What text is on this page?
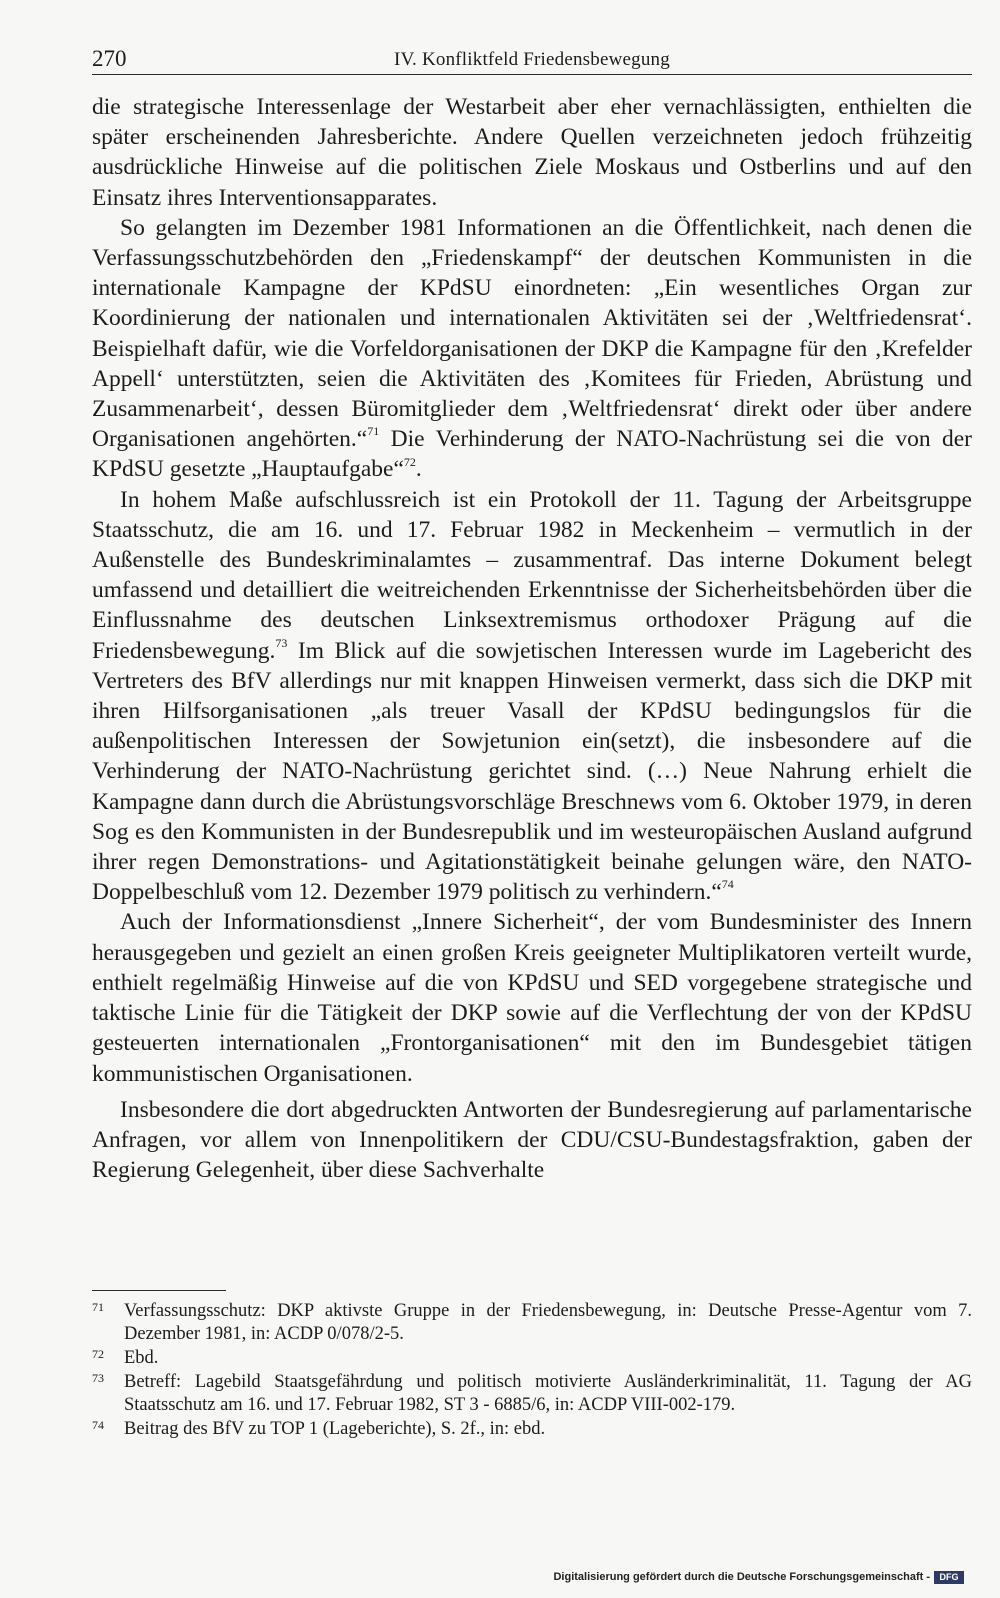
270	IV. Konfliktfeld Friedensbewegung

die strategische Interessenlage der Westarbeit aber eher vernachlässigten, enthielten die später erscheinenden Jahresberichte. Andere Quellen verzeichneten jedoch frühzeitig ausdrückliche Hinweise auf die politischen Ziele Moskaus und Ostberlins und auf den Einsatz ihres Interventionsapparates.

So gelangten im Dezember 1981 Informationen an die Öffentlichkeit, nach denen die Verfassungsschutzbehörden den „Friedenskampf“ der deutschen Kommunisten in die internationale Kampagne der KPdSU einordneten: „Ein wesentliches Organ zur Koordinierung der nationalen und internationalen Aktivitäten sei der ‚Weltfriedensrat‘. Beispielhaft dafür, wie die Vorfeldorganisationen der DKP die Kampagne für den ‚Krefelder Appell‘ unterstützten, seien die Aktivitäten des ‚Komitees für Frieden, Abrüstung und Zusammenarbeit‘, dessen Büromitglieder dem ‚Weltfriedensrat‘ direkt oder über andere Organisationen angehörten.“$^{71}$ Die Verhinderung der NATO-Nachrüstung sei die von der KPdSU gesetzte „Hauptaufgabe“$^{72}$.

In hohem Maße aufschlussreich ist ein Protokoll der 11. Tagung der Arbeitsgruppe Staatsschutz, die am 16. und 17. Februar 1982 in Meckenheim – vermutlich in der Außenstelle des Bundeskriminalamtes – zusammentraf. Das interne Dokument belegt umfassend und detailliert die weitreichenden Erkenntnisse der Sicherheitsbehörden über die Einflussnahme des deutschen Linksextremismus orthodoxer Prägung auf die Friedensbewegung.$^{73}$ Im Blick auf die sowjetischen Interessen wurde im Lagebericht des Vertreters des BfV allerdings nur mit knappen Hinweisen vermerkt, dass sich die DKP mit ihren Hilfsorganisationen „als treuer Vasall der KPdSU bedingungslos für die außenpolitischen Interessen der Sowjetunion ein(setzt), die insbesondere auf die Verhinderung der NATO-Nachrüstung gerichtet sind. (…) Neue Nahrung erhielt die Kampagne dann durch die Abrüstungsvorschläge Breschnews vom 6. Oktober 1979, in deren Sog es den Kommunisten in der Bundesrepublik und im westeuropäischen Ausland aufgrund ihrer regen Demonstrations- und Agitationstätigkeit beinahe gelungen wäre, den NATO-Doppelbeschluß vom 12. Dezember 1979 politisch zu verhindern.“$^{74}$

Auch der Informationsdienst „Innere Sicherheit“, der vom Bundesminister des Innern herausgegeben und gezielt an einen großen Kreis geeigneter Multiplikatoren verteilt wurde, enthielt regelmäßig Hinweise auf die von KPdSU und SED vorgegebene strategische und taktische Linie für die Tätigkeit der DKP sowie auf die Verflechtung der von der KPdSU gesteuerten internationalen „Frontorganisationen“ mit den im Bundesgebiet tätigen kommunistischen Organisationen.

Insbesondere die dort abgedruckten Antworten der Bundesregierung auf parlamentarische Anfragen, vor allem von Innenpolitikern der CDU/CSU-Bundestagsfraktion, gaben der Regierung Gelegenheit, über diese Sachverhalte

71 Verfassungsschutz: DKP aktivste Gruppe in der Friedensbewegung, in: Deutsche Presse-Agentur vom 7. Dezember 1981, in: ACDP 0/078/2-5.
72 Ebd.
73 Betreff: Lagebild Staatsgefährdung und politisch motivierte Ausländerkriminalität, 11. Tagung der AG Staatsschutz am 16. und 17. Februar 1982, ST 3 - 6885/6, in: ACDP VIII-002-179.
74 Beitrag des BfV zu TOP 1 (Lageberichte), S. 2f., in: ebd.
Digitalisierung gefördert durch die Deutsche Forschungsgemeinschaft -	DFG
